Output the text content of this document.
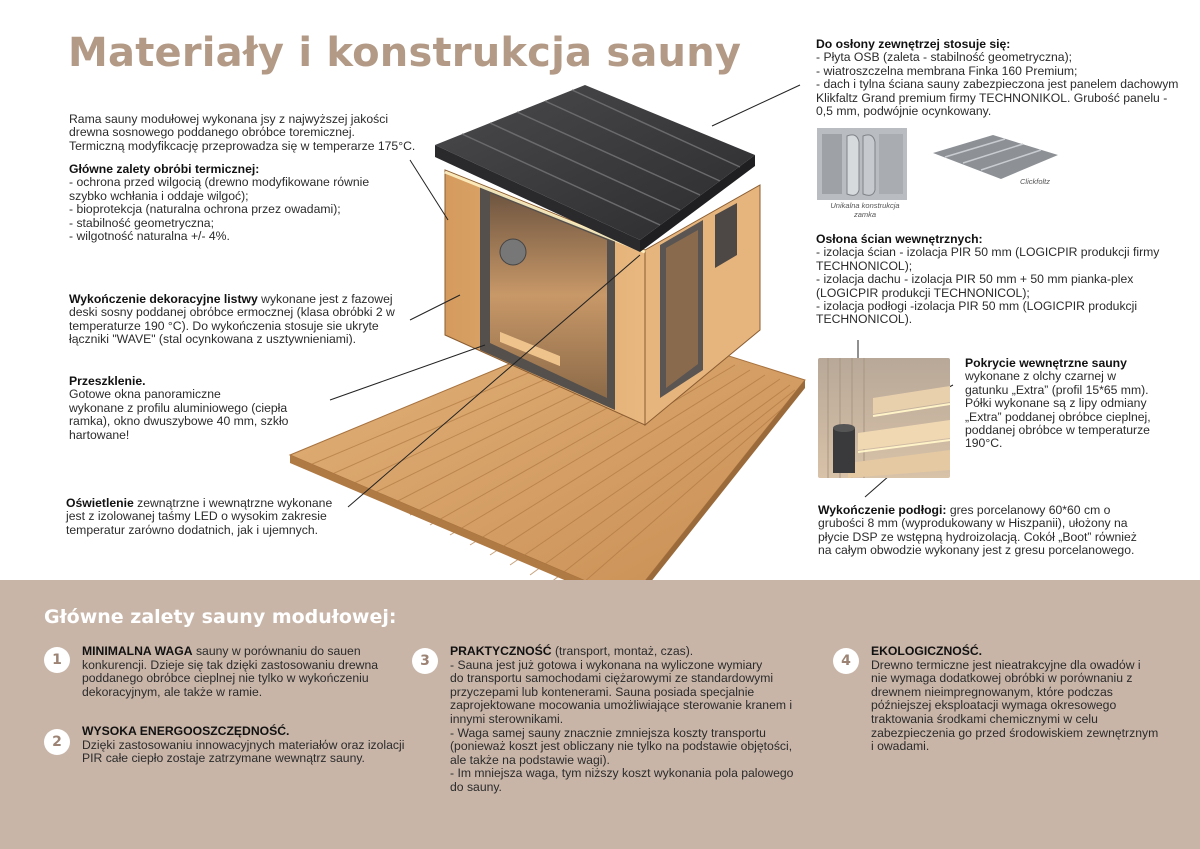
Materiały i konstrukcja sauny
Rama sauny modułowej wykonana jsy z najwyższej jakości
drewna sosnowego poddanego obrόbce toremicznej.
Termiczną modyfikcację przeprowadza się w temperarze 175°C.
Główne zalety obrόbi termicznej:
- ochrona przed wilgocią (drewno modyfikowane rόwnie
szybko wchłania i oddaje wilgoć);
- bioprotekcja (naturalna ochrona przez owadami);
- stabilność geometryczna;
- wilgotność naturalna +/- 4%.
Wykończenie dekoracyjne listwy wykonane jest z fazowej
deski sosny poddanej obrόbce ermocznej (klasa obrόbki 2 w
temperaturze 190 °C). Do wykończenia stosuje sie ukryte
łączniki "WAVE" (stal ocynkowana z usztywnieniami).
Przeszklenie.
Gotowe okna panoramiczne
wykonane z profilu aluminiowego (ciepła
ramka), okno dwuszybowe 40 mm, szkło
hartowane!
Oświetlenie zewnątrzne i wewnątrzne wykonane
jest z izolowanej taśmy LED o wysokim zakresie
temperatur zarόwno dodatnich, jak i ujemnych.
Do osłony zewnętrzej stosuje się:
- Płyta OSB (zaleta - stabilność geometryczna);
- wiatroszczelna membrana Finka 160 Premium;
- dach i tylna ściana sauny zabezpieczona jest panelem dachowym
Klikfaltz Grand premium firmy TECHNONIKOL. Grubość panelu -
0,5 mm, podwójnie ocynkowany.
Unikalna konstrukcja
zamka
Clickfoltz
Osłona ścian wewnętrznych:
- izolacja ścian - izolacja PIR 50 mm (LOGICPIR produkcji firmy
TECHNONICOL);
- izolacja dachu - izolacja PIR 50 mm + 50 mm pianka-plex
(LOGICPIR produkcji TECHNONICOL);
- izolacja podłogi -izolacja PIR 50 mm (LOGICPIR produkcji
TECHNONICOL).
Pokrycie wewnętrzne sauny
wykonane z olchy czarnej w
gatunku „Extra” (profil 15*65 mm).
Półki wykonane są z lipy odmiany
„Extra” poddanej obrόbce cieplnej,
poddanej obrόbce w temperaturze
190°C.
Wykończenie podłogi: gres porcelanowy 60*60 cm o
grubości 8 mm (wyprodukowany w Hiszpanii), ułożony na
płycie DSP ze wstępną hydroizolacją. Cokόł „Boot” rόwnież
na całym obwodzie wykonany jest z gresu porcelanowego.
Główne zalety sauny modułowej:
1
MINIMALNA WAGA sauny w porόwnaniu do sauen
konkurencji. Dzieje się tak dzięki zastosowaniu drewna
poddanego obrόbce cieplnej nie tylko w wykończeniu
dekoracyjnym, ale także w ramie.
2
WYSOKA ENERGOOSZCZĘDNOŚĆ.
Dzięki zastosowaniu innowacyjnych materiałόw oraz izolacji
PIR całe ciepło zostaje zatrzymane wewnątrz sauny.
3
PRAKTYCZNOŚĆ (transport, montaż, czas).
- Sauna jest już gotowa i wykonana na wyliczone wymiary
do transportu samochodami ciężarowymi ze standardowymi
przyczepami lub kontenerami. Sauna posiada specjalnie
zaprojektowane mocowania umożliwiające sterowanie kranem i
innymi sterownikami.
- Waga samej sauny znacznie zmniejsza koszty transportu
(ponieważ koszt jest obliczany nie tylko na podstawie objętości,
ale także na podstawie wagi).
- Im mniejsza waga, tym niższy koszt wykonania pola palowego
do sauny.
4
EKOLOGICZNOŚĆ.
Drewno termiczne jest nieatrakcyjne dla owadόw i
nie wymaga dodatkowej obrόbki w porόwnaniu z
drewnem nieimpregnowanym, ktόre podczas
pόźniejszej eksploatacji wymaga okresowego
traktowania środkami chemicznymi w celu
zabezpieczenia go przed środowiskiem zewnętrznym
i owadami.
